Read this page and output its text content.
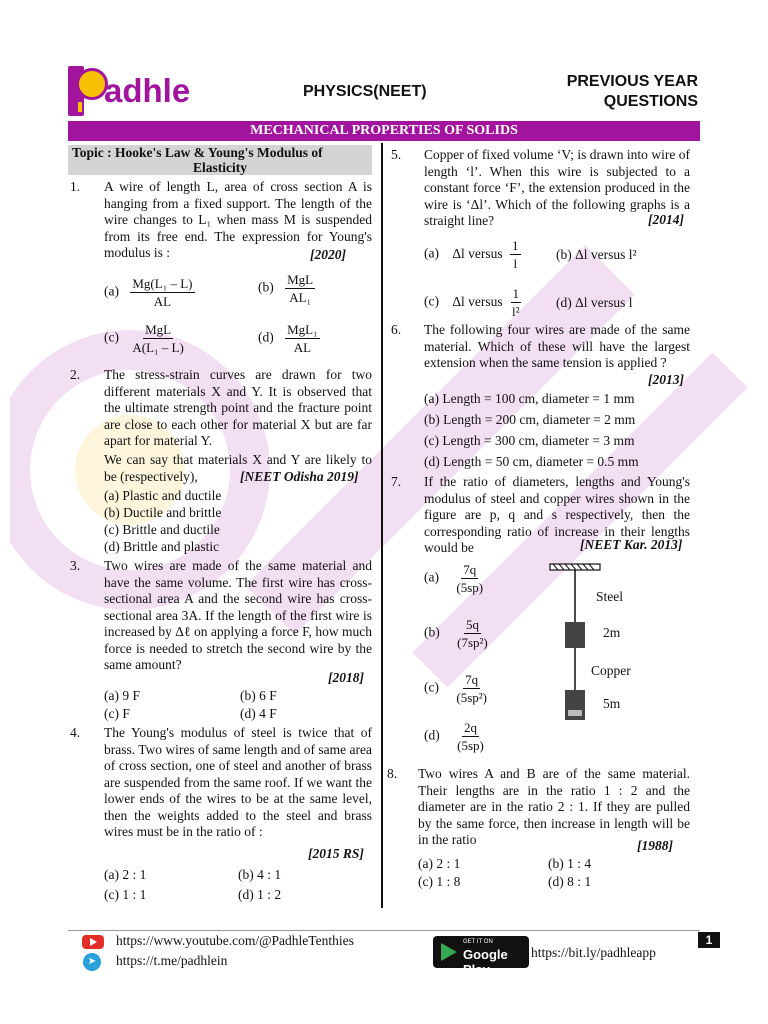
adhle	PHYSICS(NEET)
PREVIOUS YEAR
QUESTIONS
MECHANICAL PROPERTIES OF SOLIDS
Topic : Hooke's Law & Young's Modulus of
Elasticity
1. A wire of length L, area of cross section A is hanging from a fixed support. The length of the wire changes to L₁ when mass M is suspended from its free end. The expression for Young's modulus is :	[2020]
$(a) \frac{\text{Mg(L₁ – L)}}{AL}$	$(b) \frac{\text{MgL}}{\text{AL₁}}$
$(c) \frac{\text{MgL}}{\text{A(L₁ – L)}}$	$(d) \frac{\text{MgL₁}}{AL}$
2. The stress-strain curves are drawn for two different materials X and Y. It is observed that the ultimate strength point and the fracture point are close to each other for material X but are far apart for material Y.
We can say that materials X and Y are likely to be (respectively),	[NEET Odisha 2019]
(a) Plastic and ductile
(b) Ductile and brittle
(c) Brittle and ductile
(d) Brittle and plastic
3. Two wires are made of the same material and have the same volume. The first wire has cross-sectional area A and the second wire has cross-sectional area 3A. If the length of the first wire is increased by Δℓ on applying a force F, how much force is needed to stretch the second wire by the same amount?
[2018]
(a) 9 F	(b) 6 F
(c) F	(d) 4 F
4. The Young's modulus of steel is twice that of brass. Two wires of same length and of same area of cross section, one of steel and another of brass are suspended from the same roof. If we want the lower ends of the wires to be at the same level, then the weights added to the steel and brass wires must be in the ratio of :
[2015 RS]
(a) 2 : 1	(b) 4 : 1
(c) 1 : 1	(d) 1 : 2
5. Copper of fixed volume ‘V; is drawn into wire of length ‘l’. When this wire is subjected to a constant force ‘F’, the extension produced in the wire is ‘Δl’. Which of the following graphs is a straight line?	[2014]
(a) Δl versus $\frac{1}{l}$	(b) Δl versus l²
(c) Δl versus $\frac{1}{\text{l²}}$	(d) Δl versus l
6. The following four wires are made of the same material. Which of these will have the largest extension when the same tension is applied ?
[2013]
(a) Length = 100 cm, diameter = 1 mm
(b) Length = 200 cm, diameter = 2 mm
(c) Length = 300 cm, diameter = 3 mm
(d) Length = 50 cm, diameter = 0.5 mm
7. If the ratio of diameters, lengths and Young's modulus of steel and copper wires shown in the figure are p, q and s respectively, then the corresponding ratio of increase in their lengths would be	[NEET Kar. 2013]
$(a) \frac{7q}{(5sp)}$
$(b) \frac{5q}{\text{(7sp²)}}$
$(c) \frac{7q}{\text{(5sp²)}}$
$(d) \frac{2q}{(5sp)}$
Steel
2m
Copper
5m
8. Two wires A and B are of the same material. Their lengths are in the ratio 1 : 2 and the diameter are in the ratio 2 : 1. If they are pulled by the same force, then increase in length will be in the ratio	[1988]
(a) 2 : 1	(b) 1 : 4
(c) 1 : 8	(d) 8 : 1
https://www.youtube.com/@PadhleTenthies
➤	https://t.me/padhlein
GET IT ON
Google Play
https://bit.ly/padhleapp
1
